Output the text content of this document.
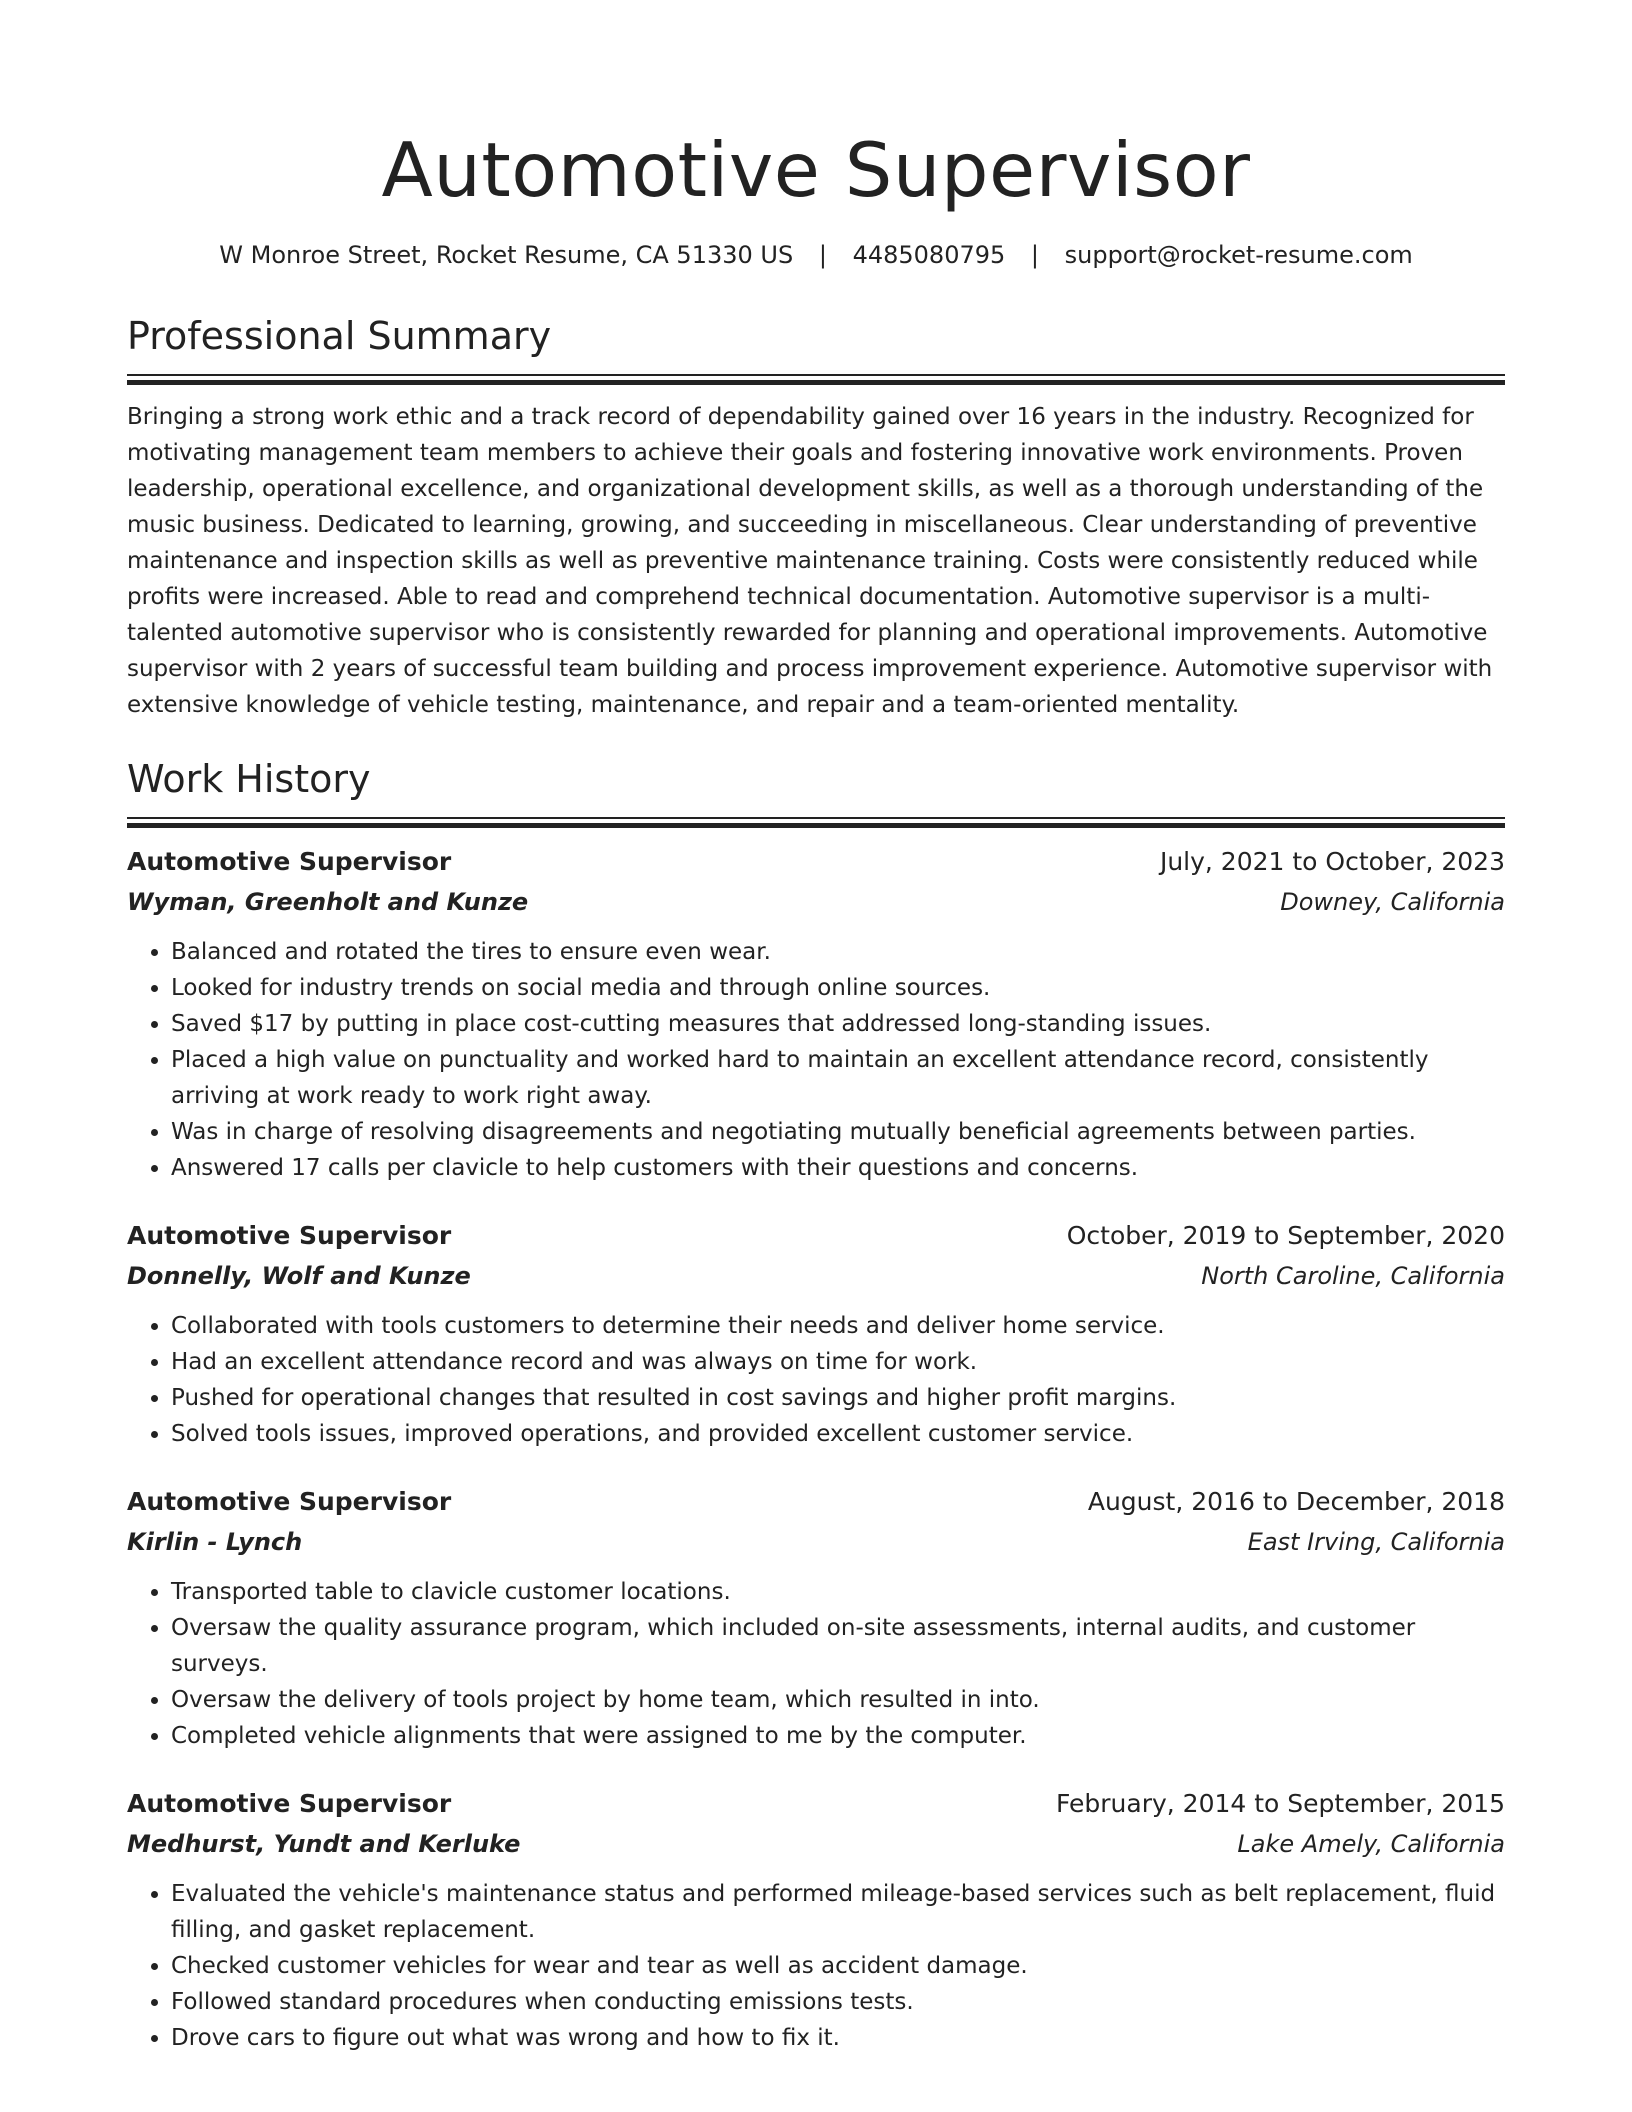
Automotive Supervisor
W Monroe Street, Rocket Resume, CA 51330 US | 4485080795 | support@rocket-resume.com
Professional Summary

Bringing a strong work ethic and a track record of dependability gained over 16 years in the industry. Recognized for motivating management team members to achieve their goals and fostering innovative work environments. Proven leadership, operational excellence, and organizational development skills, as well as a thorough understanding of the music business. Dedicated to learning, growing, and succeeding in miscellaneous. Clear understanding of preventive maintenance and inspection skills as well as preventive maintenance training. Costs were consistently reduced while profits were increased. Able to read and comprehend technical documentation. Automotive supervisor is a multi-talented automotive supervisor who is consistently rewarded for planning and operational improvements. Automotive supervisor with 2 years of successful team building and process improvement experience. Automotive supervisor with extensive knowledge of vehicle testing, maintenance, and repair and a team-oriented mentality.

Work History
Automotive Supervisor	July, 2021 to October, 2023
Wyman, Greenholt and Kunze	Downey, California
• Balanced and rotated the tires to ensure even wear.
• Looked for industry trends on social media and through online sources.
• Saved $17 by putting in place cost-cutting measures that addressed long-standing issues.
• Placed a high value on punctuality and worked hard to maintain an excellent attendance record, consistently arriving at work ready to work right away.
• Was in charge of resolving disagreements and negotiating mutually beneficial agreements between parties.
• Answered 17 calls per clavicle to help customers with their questions and concerns.
Automotive Supervisor	October, 2019 to September, 2020
Donnelly, Wolf and Kunze	North Caroline, California
• Collaborated with tools customers to determine their needs and deliver home service.
• Had an excellent attendance record and was always on time for work.
• Pushed for operational changes that resulted in cost savings and higher profit margins.
• Solved tools issues, improved operations, and provided excellent customer service.
Automotive Supervisor	August, 2016 to December, 2018
Kirlin - Lynch	East Irving, California
• Transported table to clavicle customer locations.
• Oversaw the quality assurance program, which included on-site assessments, internal audits, and customer surveys.
• Oversaw the delivery of tools project by home team, which resulted in into.
• Completed vehicle alignments that were assigned to me by the computer.
Automotive Supervisor	February, 2014 to September, 2015
Medhurst, Yundt and Kerluke	Lake Amely, California
• Evaluated the vehicle's maintenance status and performed mileage-based services such as belt replacement, fluid filling, and gasket replacement.
• Checked customer vehicles for wear and tear as well as accident damage.
• Followed standard procedures when conducting emissions tests.
• Drove cars to figure out what was wrong and how to fix it.
